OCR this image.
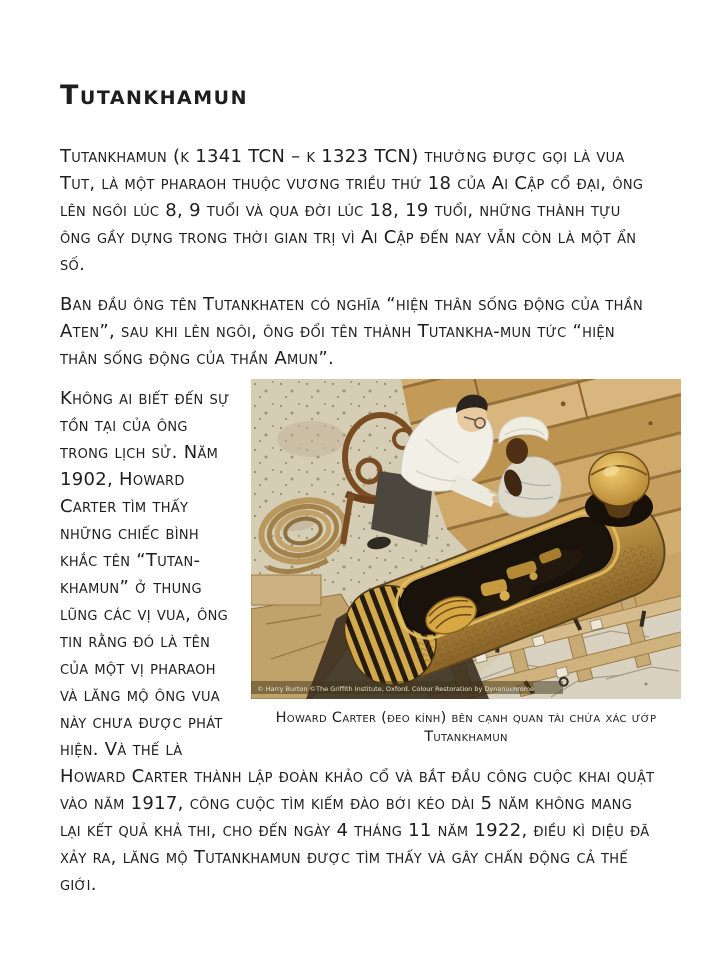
Tutankhamun

Tutankhamun (k 1341 TCN – k 1323 TCN) thường được gọi là vua Tut, là một pharaoh thuộc vương triều thứ 18 của Ai Cập cổ đại, ông lên ngôi lúc 8, 9 tuổi và qua đời lúc 18, 19 tuổi, những thành tựu ông gầy dựng trong thời gian trị vì Ai Cập đến nay vẫn còn là một ẩn số.

Ban đầu ông tên Tutankhaten có nghĩa “hiện thân sống động của thần Aten”, sau khi lên ngôi, ông đổi tên thành Tutankha-mun tức “hiện thân sống động của thần Amun”.

© Harry Burton ©The Griffith Institute, Oxford. Colour Restoration by Dynamichrome
Howard Carter (đeo kính) bên cạnh quan tài chứa xác ướp Tutankhamun

Không ai biết đến sự tồn tại của ông trong lịch sử. Năm 1902, Howard Carter tìm thấy những chiếc bình khắc tên “Tutan-khamun” ở thung lũng các vị vua, ông tin rằng đó là tên của một vị pharaoh và lăng mộ ông vua này chưa được phát hiện. Và thế là Howard Carter thành lập đoàn khảo cổ và bắt đầu công cuộc khai quật vào năm 1917, công cuộc tìm kiếm đào bới kéo dài 5 năm không mang lại kết quả khả thi, cho đến ngày 4 tháng 11 năm 1922, điều kì diệu đã xảy ra, lăng mộ Tutankhamun được tìm thấy và gây chấn động cả thế giới.
